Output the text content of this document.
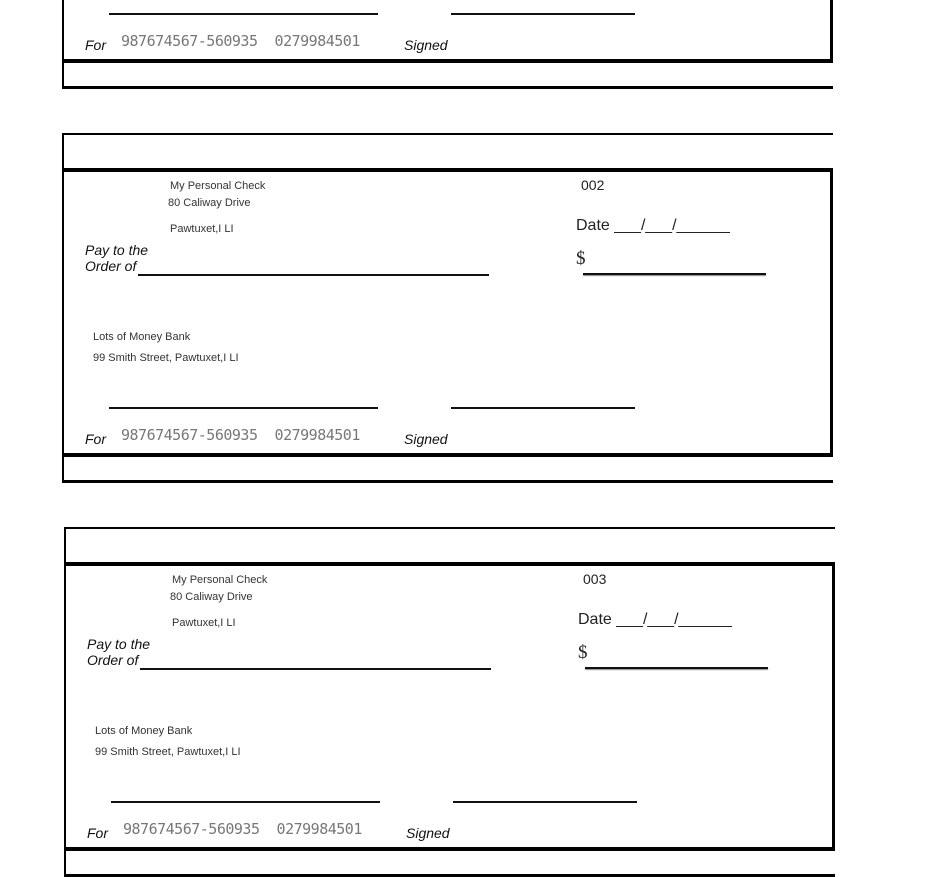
For 987674567-560935  0279984501	Signed
My Personal Check
80 Caliway Drive
Pawtuxet,I LI
002
Date ___/___/______
Pay to the
Order of	$
Lots of Money Bank
99 Smith Street, Pawtuxet,I LI
For 987674567-560935  0279984501	Signed
My Personal Check
80 Caliway Drive
Pawtuxet,I LI
003
Date ___/___/______
Pay to the
Order of	$
Lots of Money Bank
99 Smith Street, Pawtuxet,I LI
For 987674567-560935  0279984501	Signed
